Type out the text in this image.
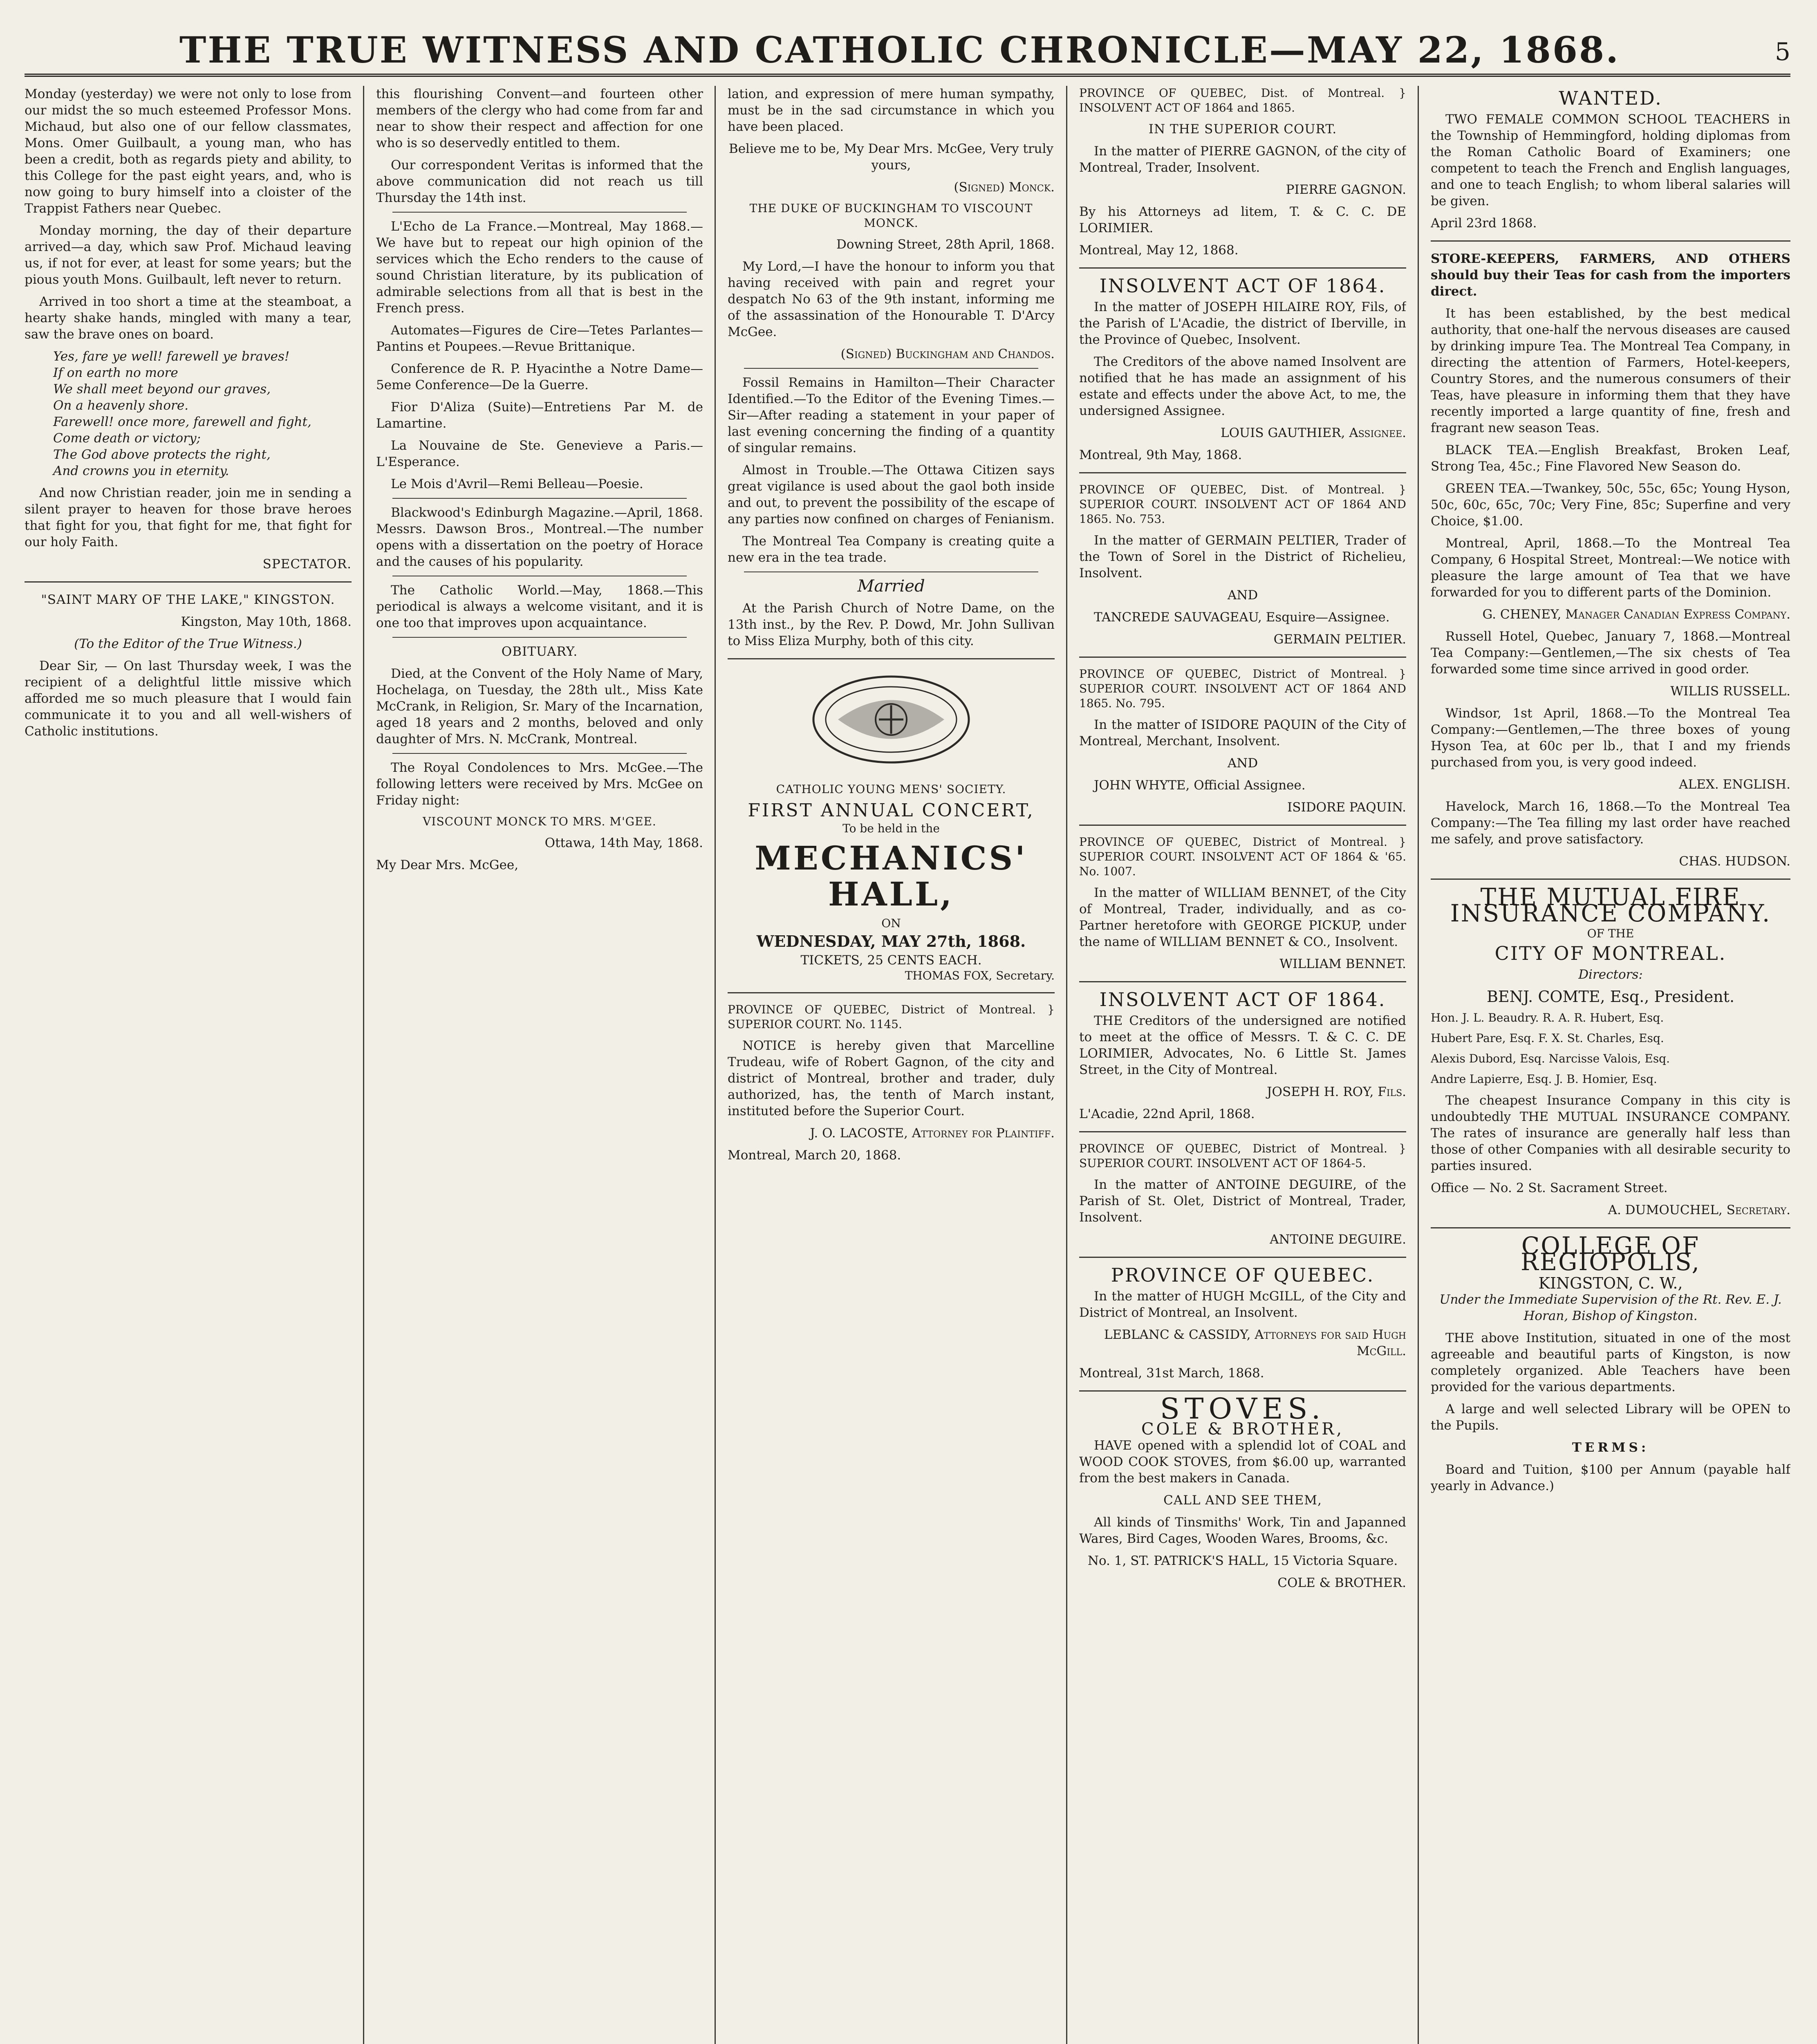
THE TRUE WITNESS AND CATHOLIC CHRONICLE—MAY 22, 1868.	5

Monday (yesterday) we were not only to lose from our midst the so much esteemed Professor Mons. Michaud, but also one of our fellow classmates, Mons. Omer Guilbault, a young man, who has been a credit, both as regards piety and ability, to this College for the past eight years, and, who is now going to bury himself into a cloister of the Trappist Fathers near Quebec.

Monday morning, the day of their departure arrived—a day, which saw Prof. Michaud leaving us, if not for ever, at least for some years; but the pious youth Mons. Guilbault, left never to return.

Arrived in too short a time at the steamboat, a hearty shake hands, mingled with many a tear, saw the brave ones on board.

Yes, fare ye well! farewell ye braves!
If on earth no more
We shall meet beyond our graves,
On a heavenly shore.
Farewell! once more, farewell and fight,
Come death or victory;
The God above protects the right,
And crowns you in eternity.

And now Christian reader, join me in sending a silent prayer to heaven for those brave heroes that fight for you, that fight for me, that fight for our holy Faith.

SPECTATOR.

"SAINT MARY OF THE LAKE," KINGSTON.

Kingston, May 10th, 1868.

(To the Editor of the True Witness.)

Dear Sir, — On last Thursday week, I was the recipient of a delightful little missive which afforded me so much pleasure that I would fain communicate it to you and all well-wishers of Catholic institutions.

this flourishing Convent—and fourteen other members of the clergy who had come from far and near to show their respect and affection for one who is so deservedly entitled to them.

Our correspondent Veritas is informed that the above communication did not reach us till Thursday the 14th inst.

L'Echo de La France.—Montreal, May 1868.—We have but to repeat our high opinion of the services which the Echo renders to the cause of sound Christian literature, by its publication of admirable selections from all that is best in the French press.

Automates—Figures de Cire—Tetes Parlantes—Pantins et Poupees.—Revue Brittanique.

Conference de R. P. Hyacinthe a Notre Dame—5eme Conference—De la Guerre.

Fior D'Aliza (Suite)—Entretiens Par M. de Lamartine.

La Nouvaine de Ste. Genevieve a Paris.—L'Esperance.

Le Mois d'Avril—Remi Belleau—Poesie.

Blackwood's Edinburgh Magazine.—April, 1868. Messrs. Dawson Bros., Montreal.—The number opens with a dissertation on the poetry of Horace and the causes of his popularity.

The Catholic World.—May, 1868.—This periodical is always a welcome visitant, and it is one too that improves upon acquaintance.

OBITUARY.

Died, at the Convent of the Holy Name of Mary, Hochelaga, on Tuesday, the 28th ult., Miss Kate McCrank, in Religion, Sr. Mary of the Incarnation, aged 18 years and 2 months, beloved and only daughter of Mrs. N. McCrank, Montreal.

The Royal Condolences to Mrs. McGee.—The following letters were received by Mrs. McGee on Friday night:

VISCOUNT MONCK TO MRS. M'GEE.

Ottawa, 14th May, 1868.

My Dear Mrs. McGee,

lation, and expression of mere human sympathy, must be in the sad circumstance in which you have been placed.

Believe me to be, My Dear Mrs. McGee, Very truly yours,

(Signed) Monck.

THE DUKE OF BUCKINGHAM TO VISCOUNT MONCK.

Downing Street, 28th April, 1868.

My Lord,—I have the honour to inform you that having received with pain and regret your despatch No 63 of the 9th instant, informing me of the assassination of the Honourable T. D'Arcy McGee.

(Signed) Buckingham and Chandos.

Fossil Remains in Hamilton—Their Character Identified.—To the Editor of the Evening Times.—Sir—After reading a statement in your paper of last evening concerning the finding of a quantity of singular remains.

Almost in Trouble.—The Ottawa Citizen says great vigilance is used about the gaol both inside and out, to prevent the possibility of the escape of any parties now confined on charges of Fenianism.

The Montreal Tea Company is creating quite a new era in the tea trade.

Married

At the Parish Church of Notre Dame, on the 13th inst., by the Rev. P. Dowd, Mr. John Sullivan to Miss Eliza Murphy, both of this city.

CATHOLIC YOUNG MENS' SOCIETY.

FIRST ANNUAL CONCERT,
To be held in the
MECHANICS' HALL,
ON
WEDNESDAY, MAY 27th, 1868.
TICKETS, 25 CENTS EACH.
THOMAS FOX, Secretary.

PROVINCE OF QUEBEC, District of Montreal. } SUPERIOR COURT. No. 1145.

NOTICE is hereby given that Marcelline Trudeau, wife of Robert Gagnon, of the city and district of Montreal, brother and trader, duly authorized, has, the tenth of March instant, instituted before the Superior Court.

J. O. LACOSTE, Attorney for Plaintiff.

Montreal, March 20, 1868.

PROVINCE OF QUEBEC, Dist. of Montreal. } INSOLVENT ACT OF 1864 and 1865.

IN THE SUPERIOR COURT.

In the matter of PIERRE GAGNON, of the city of Montreal, Trader, Insolvent.

PIERRE GAGNON.

By his Attorneys ad litem, T. & C. C. DE LORIMIER.

Montreal, May 12, 1868.

INSOLVENT ACT OF 1864.

In the matter of JOSEPH HILAIRE ROY, Fils, of the Parish of L'Acadie, the district of Iberville, in the Province of Quebec, Insolvent.

The Creditors of the above named Insolvent are notified that he has made an assignment of his estate and effects under the above Act, to me, the undersigned Assignee.

LOUIS GAUTHIER, Assignee.

Montreal, 9th May, 1868.

PROVINCE OF QUEBEC, Dist. of Montreal. } SUPERIOR COURT. INSOLVENT ACT OF 1864 AND 1865. No. 753.

In the matter of GERMAIN PELTIER, Trader of the Town of Sorel in the District of Richelieu, Insolvent.

AND

TANCREDE SAUVAGEAU, Esquire—Assignee.

GERMAIN PELTIER.

PROVINCE OF QUEBEC, District of Montreal. } SUPERIOR COURT. INSOLVENT ACT OF 1864 AND 1865. No. 795.

In the matter of ISIDORE PAQUIN of the City of Montreal, Merchant, Insolvent.

AND

JOHN WHYTE, Official Assignee.

ISIDORE PAQUIN.

PROVINCE OF QUEBEC, District of Montreal. } SUPERIOR COURT. INSOLVENT ACT OF 1864 & '65. No. 1007.

In the matter of WILLIAM BENNET, of the City of Montreal, Trader, individually, and as co-Partner heretofore with GEORGE PICKUP, under the name of WILLIAM BENNET & CO., Insolvent.

WILLIAM BENNET.

INSOLVENT ACT OF 1864.

THE Creditors of the undersigned are notified to meet at the office of Messrs. T. & C. C. DE LORIMIER, Advocates, No. 6 Little St. James Street, in the City of Montreal.

JOSEPH H. ROY, Fils.

L'Acadie, 22nd April, 1868.

PROVINCE OF QUEBEC, District of Montreal. } SUPERIOR COURT. INSOLVENT ACT OF 1864-5.

In the matter of ANTOINE DEGUIRE, of the Parish of St. Olet, District of Montreal, Trader, Insolvent.

ANTOINE DEGUIRE.

PROVINCE OF QUEBEC.

In the matter of HUGH McGILL, of the City and District of Montreal, an Insolvent.

LEBLANC & CASSIDY, Attorneys for said Hugh McGill.

Montreal, 31st March, 1868.

STOVES.
COLE & BROTHER,

HAVE opened with a splendid lot of COAL and WOOD COOK STOVES, from $6.00 up, warranted from the best makers in Canada.

CALL AND SEE THEM,

All kinds of Tinsmiths' Work, Tin and Japanned Wares, Bird Cages, Wooden Wares, Brooms, &c.

No. 1, ST. PATRICK'S HALL, 15 Victoria Square.

COLE & BROTHER.

WANTED.

TWO FEMALE COMMON SCHOOL TEACHERS in the Township of Hemmingford, holding diplomas from the Roman Catholic Board of Examiners; one competent to teach the French and English languages, and one to teach English; to whom liberal salaries will be given.

April 23rd 1868.

STORE-KEEPERS, FARMERS, AND OTHERS should buy their Teas for cash from the importers direct.

It has been established, by the best medical authority, that one-half the nervous diseases are caused by drinking impure Tea. The Montreal Tea Company, in directing the attention of Farmers, Hotel-keepers, Country Stores, and the numerous consumers of their Teas, have pleasure in informing them that they have recently imported a large quantity of fine, fresh and fragrant new season Teas.

BLACK TEA.—English Breakfast, Broken Leaf, Strong Tea, 45c.; Fine Flavored New Season do.

GREEN TEA.—Twankey, 50c, 55c, 65c; Young Hyson, 50c, 60c, 65c, 70c; Very Fine, 85c; Superfine and very Choice, $1.00.

Montreal, April, 1868.—To the Montreal Tea Company, 6 Hospital Street, Montreal:—We notice with pleasure the large amount of Tea that we have forwarded for you to different parts of the Dominion.

G. CHENEY, Manager Canadian Express Company.

Russell Hotel, Quebec, January 7, 1868.—Montreal Tea Company:—Gentlemen,—The six chests of Tea forwarded some time since arrived in good order.

WILLIS RUSSELL.

Windsor, 1st April, 1868.—To the Montreal Tea Company:—Gentlemen,—The three boxes of young Hyson Tea, at 60c per lb., that I and my friends purchased from you, is very good indeed.

ALEX. ENGLISH.

Havelock, March 16, 1868.—To the Montreal Tea Company:—The Tea filling my last order have reached me safely, and prove satisfactory.

CHAS. HUDSON.

THE MUTUAL FIRE INSURANCE COMPANY.
OF THE
CITY OF MONTREAL.

Directors:

BENJ. COMTE, Esq., President.

Hon. J. L. Beaudry. R. A. R. Hubert, Esq.

Hubert Pare, Esq. F. X. St. Charles, Esq.

Alexis Dubord, Esq. Narcisse Valois, Esq.

Andre Lapierre, Esq. J. B. Homier, Esq.

The cheapest Insurance Company in this city is undoubtedly THE MUTUAL INSURANCE COMPANY. The rates of insurance are generally half less than those of other Companies with all desirable security to parties insured.

Office — No. 2 St. Sacrament Street.

A. DUMOUCHEL, Secretary.

COLLEGE OF REGIOPOLIS,
KINGSTON, C. W.,

Under the Immediate Supervision of the Rt. Rev. E. J. Horan, Bishop of Kingston.

THE above Institution, situated in one of the most agreeable and beautiful parts of Kingston, is now completely organized. Able Teachers have been provided for the various departments.

A large and well selected Library will be OPEN to the Pupils.

TERMS:

Board and Tuition, $100 per Annum (payable half yearly in Advance.)
